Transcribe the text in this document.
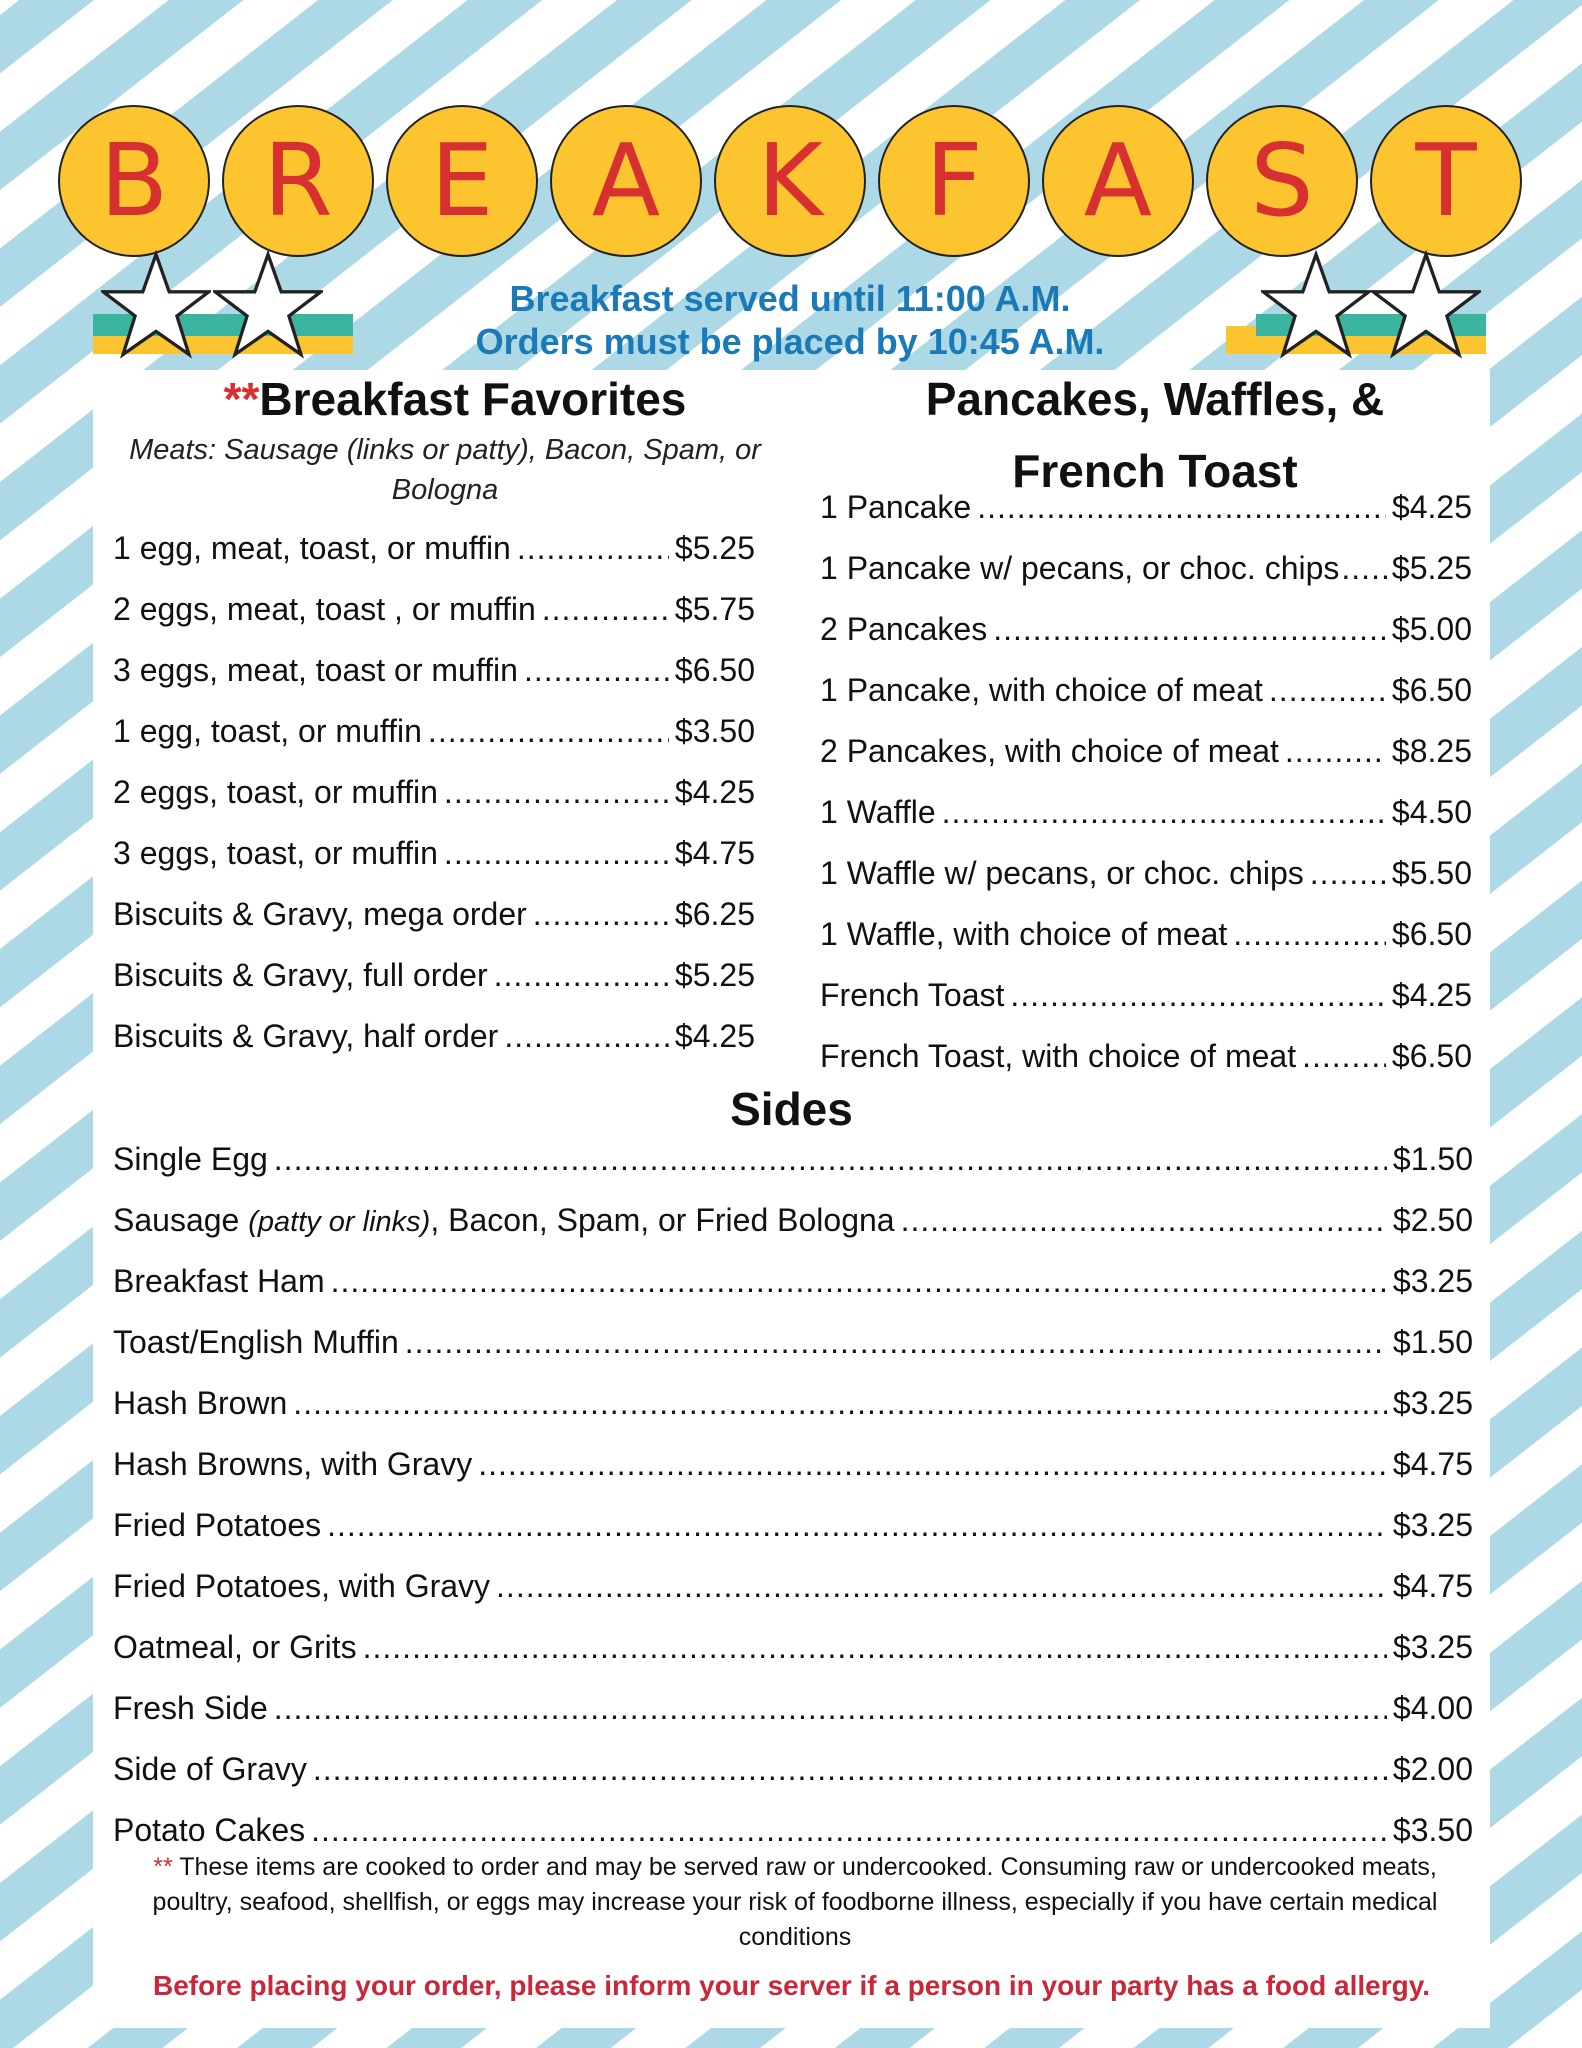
B R E A K	F	A S	T
Breakfast served until 11:00 A.M.
Orders must be placed by 10:45 A.M.
**Breakfast Favorites
Meats: Sausage (links or patty), Bacon, Spam, or Bologna
1 egg, meat, toast, or muffin .....	$5.25
2 eggs, meat, toast , or muffin .....	$5.75
3 eggs, meat, toast or muffin .....	$6.50
1 egg, toast, or muffin .....	$3.50
2 eggs, toast, or muffin .....	$4.25
3 eggs, toast, or muffin .....	$4.75
Biscuits & Gravy, mega order .....	$6.25
Biscuits & Gravy, full order .....	$5.25
Biscuits & Gravy, half order .....	$4.25
Pancakes, Waffles, &
French Toast
1 Pancake .....	$4.25
1 Pancake w/ pecans, or choc. chips ..... $5.25
2 Pancakes .....	$5.00
1 Pancake, with choice of meat .....	$6.50
2 Pancakes, with choice of meat .....	$8.25
1 Waffle .....	$4.50
1 Waffle w/ pecans, or choc. chips .....	$5.50
1 Waffle, with choice of meat .....	$6.50
French Toast .....	$4.25
French Toast, with choice of meat .....	$6.50
Sides
Single Egg .....	$1.50
Sausage (patty or links), Bacon, Spam, or Fried Bologna .....	$2.50
Breakfast Ham .....	$3.25
Toast/English Muffin .....	$1.50
Hash Brown .....	$3.25
Hash Browns, with Gravy .....	$4.75
Fried Potatoes .....	$3.25
Fried Potatoes, with Gravy .....	$4.75
Oatmeal, or Grits .....	$3.25
Fresh Side .....	$4.00
Side of Gravy .....	$2.00
Potato Cakes .....	$3.50
** These items are cooked to order and may be served raw or undercooked. Consuming raw or undercooked meats, poultry, seafood, shellfish, or eggs may increase your risk of foodborne illness, especially if you have certain medical conditions
Before placing your order, please inform your server if a person in your party has a food allergy.
